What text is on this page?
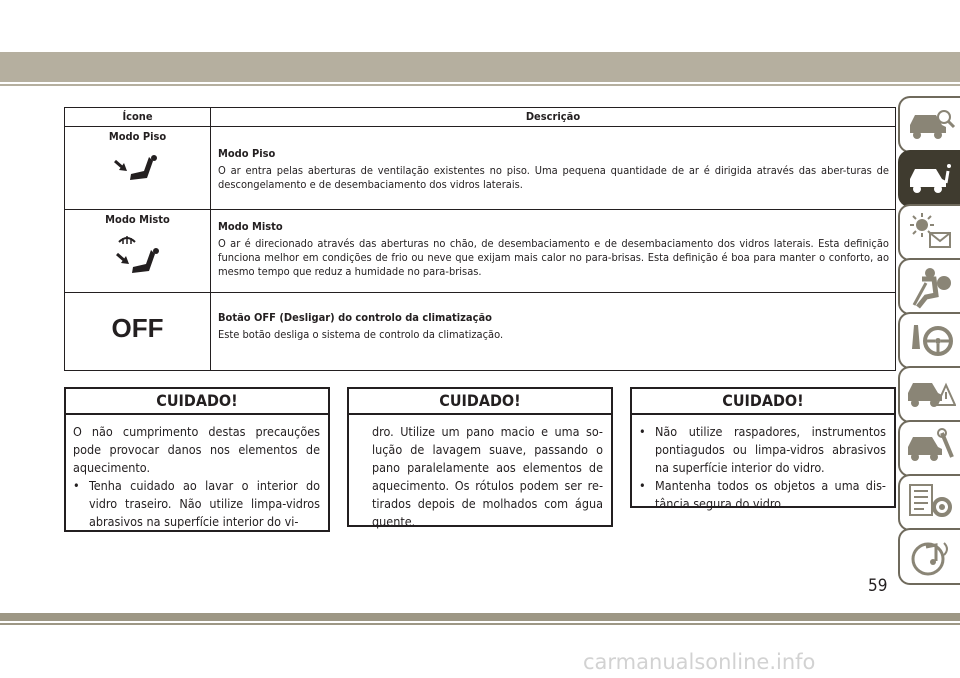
Ícone	Descrição

Modo Piso	Modo Piso

O ar entra pelas aberturas de ventilação existentes no piso. Uma pequena quantidade de ar é dirigida através das aber-turas de descongelamento e de desembaciamento dos vidros laterais.

Modo Misto	Modo Misto

O ar é direcionado através das aberturas no chão, de desembaciamento e de desembaciamento dos vidros laterais. Esta definição funciona melhor em condições de frio ou neve que exijam mais calor no para-brisas. Esta definição é boa para manter o conforto, ao mesmo tempo que reduz a humidade no para-brisas.

OFF	Botão OFF (Desligar) do controlo da climatização

Este botão desliga o sistema de controlo da climatização.

CUIDADO!

O não cumprimento destas precauções pode provocar danos nos elementos de aquecimento.

• Tenha cuidado ao lavar o interior do vidro traseiro. Não utilize limpa-vidros abrasivos na superfície interior do vi-
CUIDADO!

dro. Utilize um pano macio e uma so-lução de lavagem suave, passando o pano paralelamente aos elementos de aquecimento. Os rótulos podem ser re-tirados depois de molhados com água quente.

CUIDADO!
• Não utilize raspadores, instrumentos pontiagudos ou limpa-vidros abrasivos na superfície interior do vidro.
• Mantenha todos os objetos a uma dis-tância segura do vidro.
59
carmanualsonline.info
